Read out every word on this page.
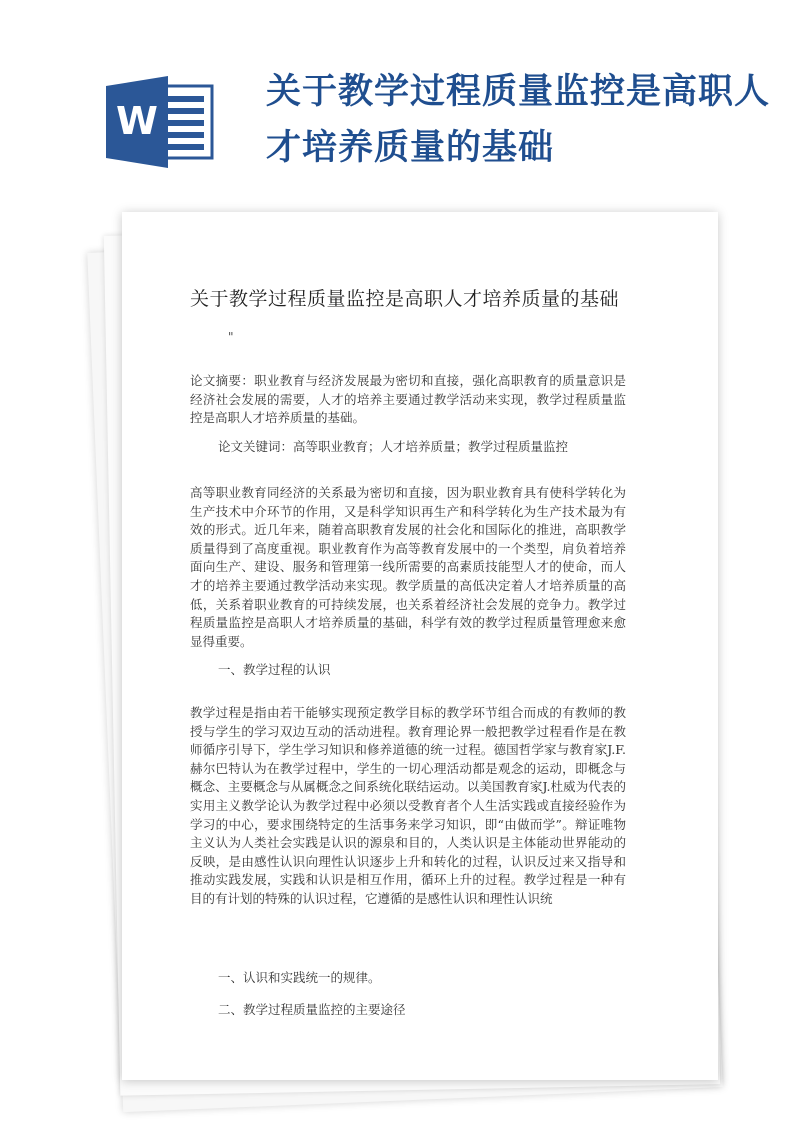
W
关于教学过程质量监控是高职人才培养质量的基础
关于教学过程质量监控是高职人才培养质量的基础
"

论文摘要：职业教育与经济发展最为密切和直接，强化高职教育的质量意识是经济社会发展的需要，人才的培养主要通过教学活动来实现，教学过程质量监控是高职人才培养质量的基础。

论文关键词：高等职业教育；人才培养质量；教学过程质量监控

高等职业教育同经济的关系最为密切和直接，因为职业教育具有使科学转化为生产技术中介环节的作用，又是科学知识再生产和科学转化为生产技术最为有效的形式。近几年来，随着高职教育发展的社会化和国际化的推进，高职教学质量得到了高度重视。职业教育作为高等教育发展中的一个类型，肩负着培养面向生产、建设、服务和管理第一线所需要的高素质技能型人才的使命，而人才的培养主要通过教学活动来实现。教学质量的高低决定着人才培养质量的高低，关系着职业教育的可持续发展，也关系着经济社会发展的竞争力。教学过程质量监控是高职人才培养质量的基础，科学有效的教学过程质量管理愈来愈显得重要。

一、教学过程的认识

教学过程是指由若干能够实现预定教学目标的教学环节组合而成的有教师的教授与学生的学习双边互动的活动进程。教育理论界一般把教学过程看作是在教师循序引导下，学生学习知识和修养道德的统一过程。德国哲学家与教育家J.F.赫尔巴特认为在教学过程中，学生的一切心理活动都是观念的运动，即概念与概念、主要概念与从属概念之间系统化联结运动。以美国教育家J.杜威为代表的实用主义教学论认为教学过程中必须以受教育者个人生活实践或直接经验作为学习的中心，要求围绕特定的生活事务来学习知识，即“由做而学”。辩证唯物主义认为人类社会实践是认识的源泉和目的，人类认识是主体能动世界能动的反映，是由感性认识向理性认识逐步上升和转化的过程，认识反过来又指导和推动实践发展，实践和认识是相互作用，循环上升的过程。教学过程是一种有目的有计划的特殊的认识过程，它遵循的是感性认识和理性认识统

一、认识和实践统一的规律。
二、教学过程质量监控的主要途径
